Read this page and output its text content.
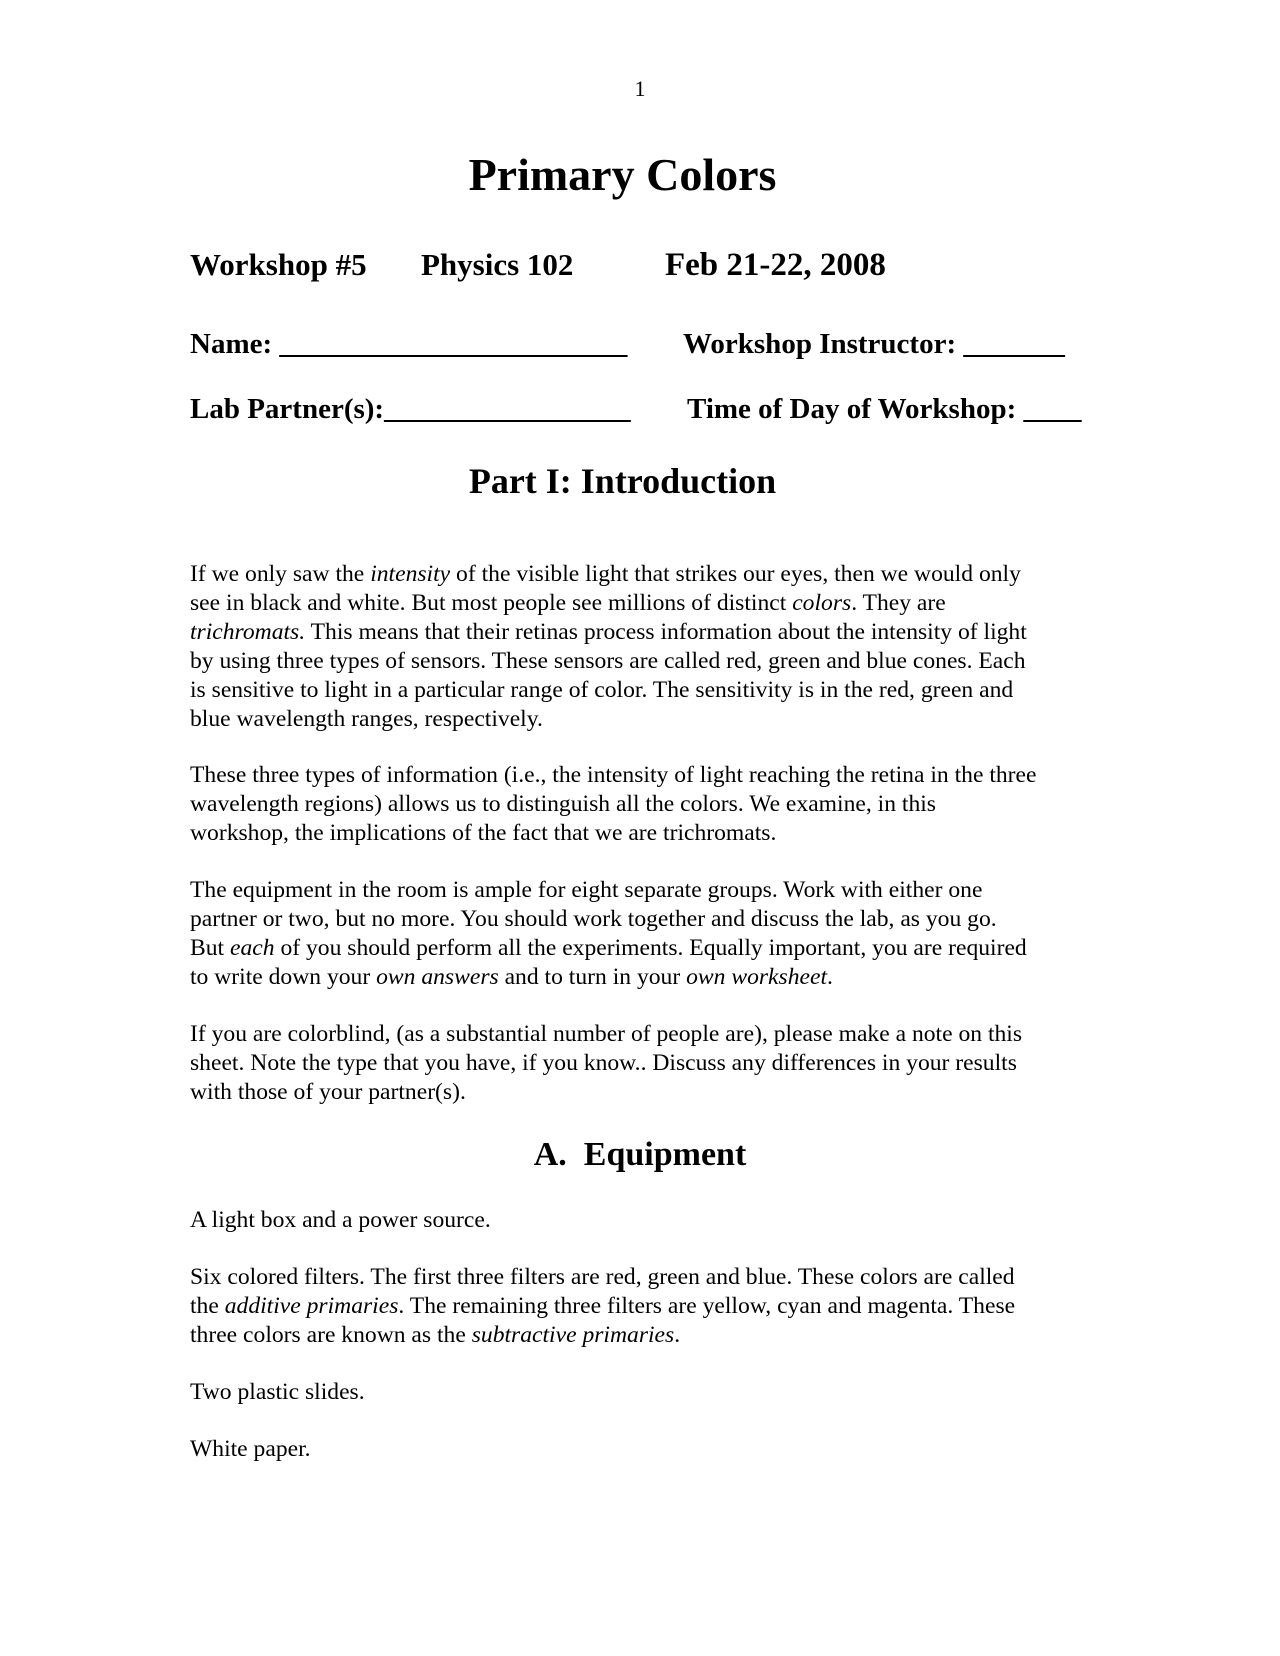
1
Primary Colors
Workshop #5 Physics 102	Feb 21-22, 2008
Name: ________________________ Workshop Instructor: _______
Lab Partner(s):_________________ Time of Day of Workshop: ____
Part I: Introduction
If we only saw the intensity of the visible light that strikes our eyes, then we would only
see in black and white. But most people see millions of distinct colors. They are
trichromats. This means that their retinas process information about the intensity of light
by using three types of sensors. These sensors are called red, green and blue cones. Each
is sensitive to light in a particular range of color. The sensitivity is in the red, green and
blue wavelength ranges, respectively.
These three types of information (i.e., the intensity of light reaching the retina in the three
wavelength regions) allows us to distinguish all the colors. We examine, in this
workshop, the implications of the fact that we are trichromats.
The equipment in the room is ample for eight separate groups. Work with either one
partner or two, but no more. You should work together and discuss the lab, as you go.
But each of you should perform all the experiments. Equally important, you are required
to write down your own answers and to turn in your own worksheet.
If you are colorblind, (as a substantial number of people are), please make a note on this
sheet. Note the type that you have, if you know.. Discuss any differences in your results
with those of your partner(s).
A. Equipment
A light box and a power source.
Six colored filters. The first three filters are red, green and blue. These colors are called
the additive primaries. The remaining three filters are yellow, cyan and magenta. These
three colors are known as the subtractive primaries.
Two plastic slides.
White paper.
